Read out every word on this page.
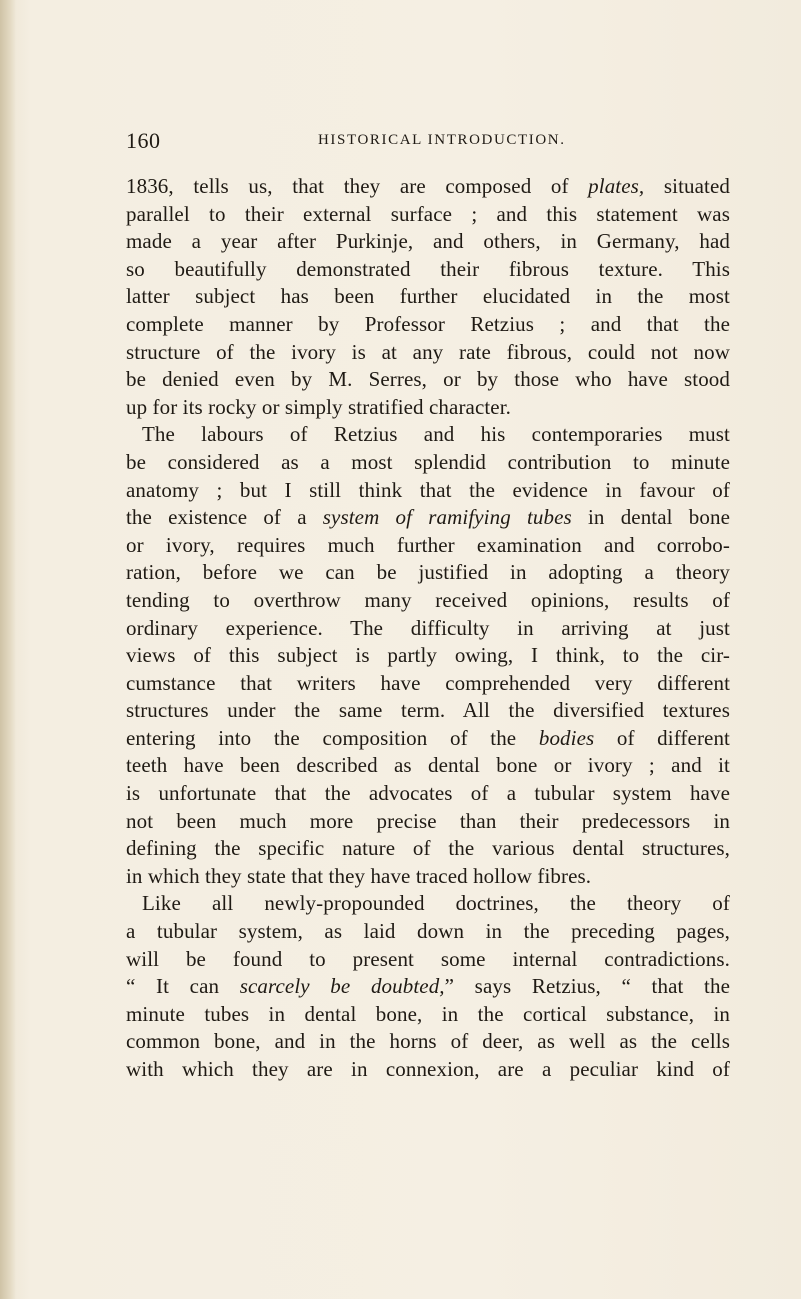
160	HISTORICAL INTRODUCTION.
1836, tells us, that they are composed of plates, situated
parallel to their external surface ; and this statement was
made a year after Purkinje, and others, in Germany, had
so beautifully demonstrated their fibrous texture. This
latter subject has been further elucidated in the most
complete manner by Professor Retzius ; and that the
structure of the ivory is at any rate fibrous, could not now
be denied even by M. Serres, or by those who have stood
up for its rocky or simply stratified character.
The labours of Retzius and his contemporaries must
be considered as a most splendid contribution to minute
anatomy ; but I still think that the evidence in favour of
the existence of a system of ramifying tubes in dental bone
or ivory, requires much further examination and corrobo-
ration, before we can be justified in adopting a theory
tending to overthrow many received opinions, results of
ordinary experience. The difficulty in arriving at just
views of this subject is partly owing, I think, to the cir-
cumstance that writers have comprehended very different
structures under the same term. All the diversified textures
entering into the composition of the bodies of different
teeth have been described as dental bone or ivory ; and it
is unfortunate that the advocates of a tubular system have
not been much more precise than their predecessors in
defining the specific nature of the various dental structures,
in which they state that they have traced hollow fibres.
Like all newly-propounded doctrines, the theory of
a tubular system, as laid down in the preceding pages,
will be found to present some internal contradictions.
“ It can scarcely be doubted,” says Retzius, “ that the
minute tubes in dental bone, in the cortical substance, in
common bone, and in the horns of deer, as well as the cells
with which they are in connexion, are a peculiar kind of
